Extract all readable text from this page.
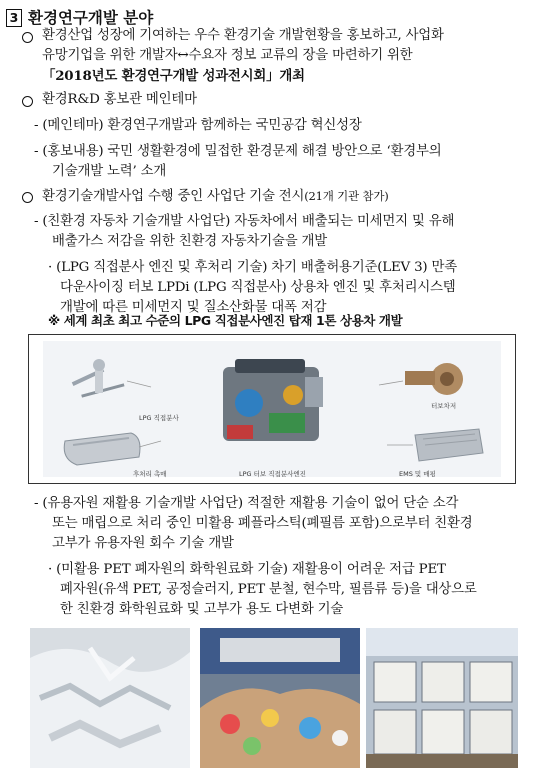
3 환경연구개발 분야
환경산업 성장에 기여하는 우수 환경기술 개발현황을 홍보하고, 사업화
유망기업을 위한 개발자↔수요자 정보 교류의 장을 마련하기 위한
「2018년도 환경연구개발 성과전시회」개최
환경R&D 홍보관 메인테마
- (메인테마) 환경연구개발과 함께하는 국민공감 혁신성장
- (홍보내용) 국민 생활환경에 밀접한 환경문제 해결 방안으로 ‘환경부의
기술개발 노력’ 소개
환경기술개발사업 수행 중인 사업단 기술 전시(21개 기관 참가)
- (친환경 자동차 기술개발 사업단) 자동차에서 배출되는 미세먼지 및 유해
배출가스 저감을 위한 친환경 자동차기술을 개발
· (LPG 직접분사 엔진 및 후처리 기술) 차기 배출허용기준(LEV 3) 만족
다운사이징 터보 LPDi (LPG 직접분사) 상용차 엔진 및 후처리시스템
개발에 따른 미세먼지 및 질소산화물 대폭 저감
※ 세계 최초 최고 수준의 LPG 직접분사엔진 탑재 1톤 상용차 개발
LPG 직접분사
후처리 촉매	LPG 터보 직접분사엔진
터보차저
EMS 및 매핑
- (유용자원 재활용 기술개발 사업단) 적절한 재활용 기술이 없어 단순 소각
또는 매립으로 처리 중인 미활용 폐플라스틱(폐필름 포함)으로부터 친환경
고부가 유용자원 회수 기술 개발
· (미활용 PET 폐자원의 화학원료화 기술) 재활용이 어려운 저급 PET
폐자원(유색 PET, 공정슬러지, PET 분철, 현수막, 필름류 등)을 대상으로
한 친환경 화학원료화 및 고부가 용도 다변화 기술
